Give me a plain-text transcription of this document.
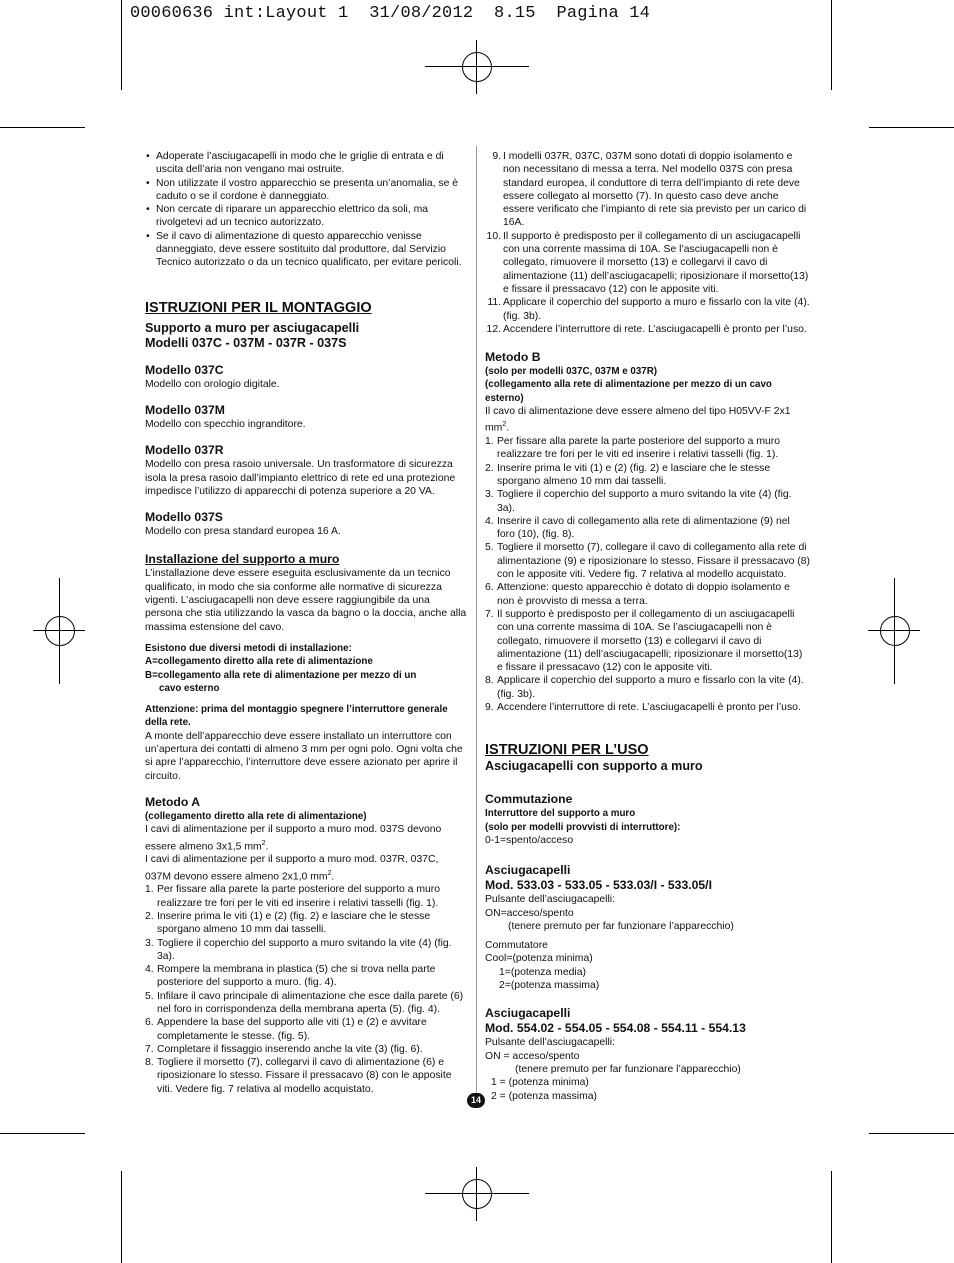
00060636 int:Layout 1  31/08/2012  8.15  Pagina 14
• Adoperate l’asciugacapelli in modo che le griglie di entrata e di uscita dell’aria non vengano mai ostruite.
• Non utilizzate il vostro apparecchio se presenta un’anomalia, se è caduto o se il cordone è danneggiato.
• Non cercate di riparare un apparecchio elettrico da soli, ma rivolgetevi ad un tecnico autorizzato.
• Se il cavo di alimentazione di questo apparecchio venisse danneggiato, deve essere sostituito dal produttore, dal Servizio Tecnico autorizzato o da un tecnico qualificato, per evitare pericoli.
ISTRUZIONI PER IL MONTAGGIO
Supporto a muro per asciugacapelli
Modelli 037C - 037M - 037R - 037S
Modello 037C

Modello con orologio digitale.

Modello 037M

Modello con specchio ingranditore.

Modello 037R

Modello con presa rasoio universale. Un trasformatore di sicurezza isola la presa rasoio dall’impianto elettrico di rete ed una protezione impedisce l’utilizzo di apparecchi di potenza superiore a 20 VA.

Modello 037S

Modello con presa standard europea 16 A.

Installazione del supporto a muro

L’installazione deve essere eseguita esclusivamente da un tecnico qualificato, in modo che sia conforme alle normative di sicurezza vigenti. L’asciugacapelli non deve essere raggiungibile da una persona che stia utilizzando la vasca da bagno o la doccia, anche alla massima estensione del cavo.

Esistono due diversi metodi di installazione:
A=collegamento diretto alla rete di alimentazione
B=collegamento alla rete di alimentazione per mezzo di un
cavo esterno
Attenzione: prima del montaggio spegnere l’interruttore generale della rete.

A monte dell’apparecchio deve essere installato un interruttore con un’apertura dei contatti di almeno 3 mm per ogni polo. Ogni volta che si apre l’apparecchio, l’interruttore deve essere azionato per aprire il circuito.

Metodo A
(collegamento diretto alla rete di alimentazione)

I cavi di alimentazione per il supporto a muro mod. 037S devono essere almeno 3x1,5 $mm^2$.

I cavi di alimentazione per il supporto a muro mod. 037R, 037C, 037M devono essere almeno 2x1,0 $mm^2$.

1. Per fissare alla parete la parte posteriore del supporto a muro realizzare tre fori per le viti ed inserire i relativi tasselli (fig. 1).
2. Inserire prima le viti (1) e (2) (fig. 2) e lasciare che le stesse sporgano almeno 10 mm dai tasselli.
3. Togliere il coperchio del supporto a muro svitando la vite (4) (fig. 3a).
4. Rompere la membrana in plastica (5) che si trova nella parte posteriore del supporto a muro. (fig. 4).
5. Infilare il cavo principale di alimentazione che esce dalla parete (6) nel foro in corrispondenza della membrana aperta (5). (fig. 4).
6. Appendere la base del supporto alle viti (1) e (2) e avvitare completamente le stesse. (fig. 5).
7. Completare il fissaggio inserendo anche la vite (3) (fig. 6).
8. Togliere il morsetto (7), collegarvi il cavo di alimentazione (6) e riposizionare lo stesso. Fissare il pressacavo (8) con le apposite viti. Vedere fig. 7 relativa al modello acquistato.
9. I modelli 037R, 037C, 037M sono dotati di doppio isolamento e non necessitano di messa a terra. Nel modello 037S con presa standard europea, il conduttore di terra dell’impianto di rete deve essere collegato al morsetto (7). In questo caso deve anche essere verificato che l’impianto di rete sia previsto per un carico di 16A.
10. Il supporto è predisposto per il collegamento di un asciugacapelli con una corrente massima di 10A. Se l’asciugacapelli non è collegato, rimuovere il morsetto (13) e collegarvi il cavo di alimentazione (11) dell’asciugacapelli; riposizionare il morsetto(13) e fissare il pressacavo (12) con le apposite viti.
11. Applicare il coperchio del supporto a muro e fissarlo con la vite (4). (fig. 3b).
12. Accendere l’interruttore di rete. L’asciugacapelli è pronto per l’uso.
Metodo B
(solo per modelli 037C, 037M e 037R)
(collegamento alla rete di alimentazione per mezzo di un cavo esterno)

Il cavo di alimentazione deve essere almeno del tipo H05VV-F 2x1 $mm^2$.

1. Per fissare alla parete la parte posteriore del supporto a muro realizzare tre fori per le viti ed inserire i relativi tasselli (fig. 1).
2. Inserire prima le viti (1) e (2) (fig. 2) e lasciare che le stesse sporgano almeno 10 mm dai tasselli.
3. Togliere il coperchio del supporto a muro svitando la vite (4) (fig. 3a).
4. Inserire il cavo di collegamento alla rete di alimentazione (9) nel foro (10), (fig. 8).
5. Togliere il morsetto (7), collegare il cavo di collegamento alla rete di alimentazione (9) e riposizionare lo stesso. Fissare il pressacavo (8) con le apposite viti. Vedere fig. 7 relativa al modello acquistato.
6. Attenzione: questo apparecchio è dotato di doppio isolamento e non è provvisto di messa a terra.
7. Il supporto è predisposto per il collegamento di un asciugacapelli con una corrente massima di 10A. Se l’asciugacapelli non è collegato, rimuovere il morsetto (13) e collegarvi il cavo di alimentazione (11) dell’asciugacapelli; riposizionare il morsetto(13) e fissare il pressacavo (12) con le apposite viti.
8. Applicare il coperchio del supporto a muro e fissarlo con la vite (4). (fig. 3b).
9. Accendere l’interruttore di rete. L’asciugacapelli è pronto per l’uso.
ISTRUZIONI PER L’USO
Asciugacapelli con supporto a muro
Commutazione
Interruttore del supporto a muro
(solo per modelli provvisti di interruttore):

0-1=spento/acceso

Asciugacapelli
Mod. 533.03 - 533.05 - 533.03/I - 533.05/I

Pulsante dell’asciugacapelli:

ON=acceso/spento

(tenere premuto per far funzionare l’apparecchio)

Commutatore

Cool=(potenza minima)

1=(potenza media)

2=(potenza massima)

Asciugacapelli
Mod. 554.02 - 554.05 - 554.08 - 554.11 - 554.13

Pulsante dell’asciugacapelli:

ON = acceso/spento

(tenere premuto per far funzionare l’apparecchio)

1 = (potenza minima)

2 = (potenza massima)

14
